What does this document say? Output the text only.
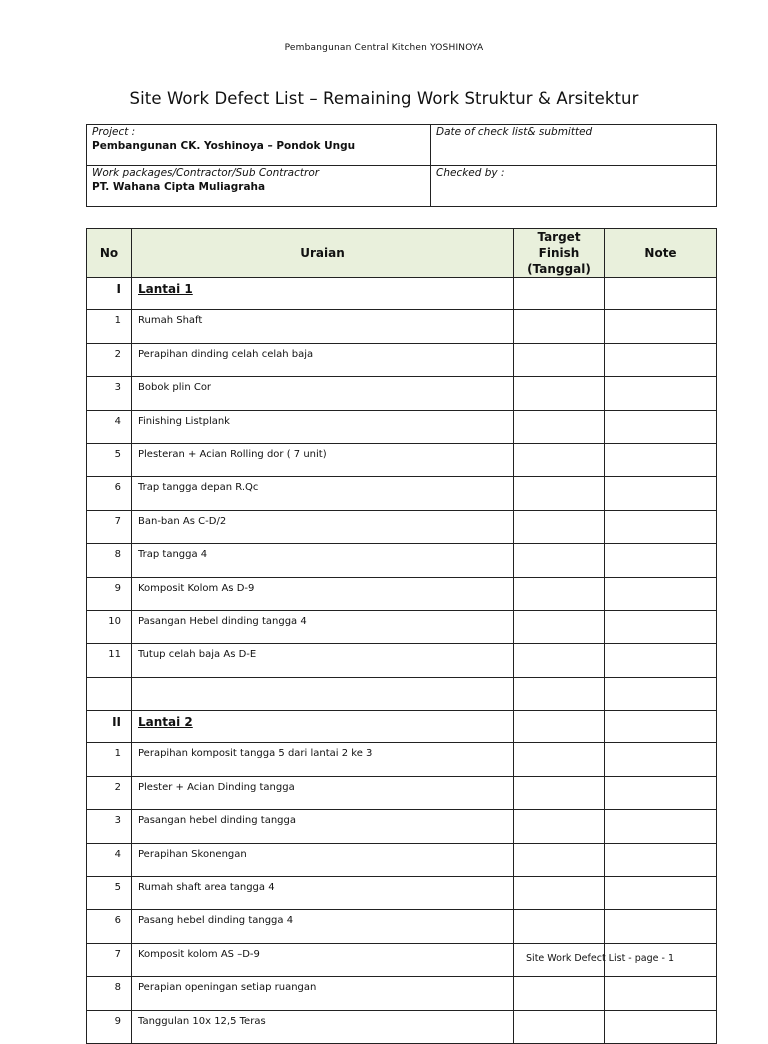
Pembangunan Central Kitchen YOSHINOYA
Site Work Defect List – Remaining Work Struktur & Arsitektur
Project :
Pembangunan CK. Yoshinoya – Pondok Ungu	Date of check list& submitted

Work packages/Contractor/Sub Contractror
PT. Wahana Cipta Muliagraha	Checked by :
No	Uraian	Target
Finish
(Tanggal)	Note
I	Lantai 1		
1	Rumah Shaft		
2	Perapihan dinding celah celah baja		
3	Bobok plin Cor		
4	Finishing Listplank		
5	Plesteran + Acian Rolling dor ( 7 unit)		
6	Trap tangga depan R.Qc		
7	Ban-ban As C-D/2		
8	Trap tangga 4		
9	Komposit Kolom As D-9		
10	Pasangan Hebel dinding tangga 4		
11	Tutup celah baja As D-E		

II	Lantai 2		
1	Perapihan komposit tangga 5 dari lantai 2 ke 3		
2	Plester + Acian Dinding tangga		
3	Pasangan hebel dinding tangga		
4	Perapihan Skonengan		
5	Rumah shaft area tangga 4		
6	Pasang hebel dinding tangga 4		
7	Komposit kolom AS –D-9		
8	Perapian openingan setiap ruangan		
9	Tanggulan 10x 12,5 Teras		
Site Work Defect List - page - 1
